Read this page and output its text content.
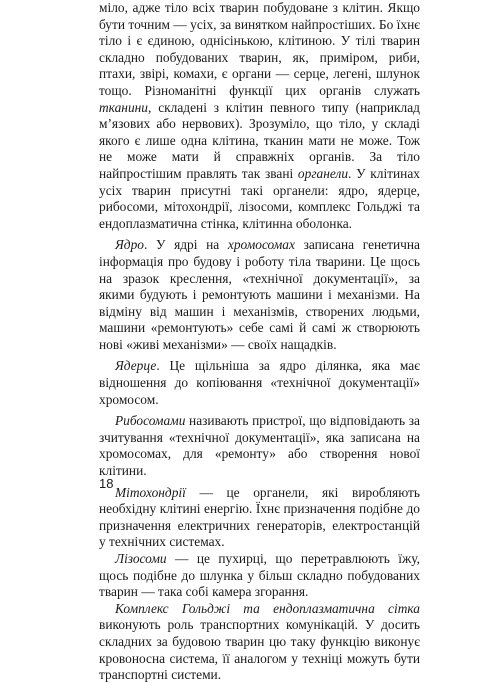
міло, адже тіло всіх тварин побудоване з клітин. Якщо бути точним — усіх, за винятком найпростіших. Бо їхнє тіло і є єдиною, однісінькою, клітиною. У тілі тварин складно побудованих тварин, як, приміром, риби, птахи, звірі, комахи, є органи — серце, легені, шлунок тощо. Різноманітні функції цих органів служать тканини, складені з клітин певного типу (наприклад м’язових або нервових). Зрозуміло, що тіло, у складі якого є лише одна клітина, тканин мати не може. Тож не може мати й справжніх органів. За тіло найпростішим правлять так звані органели. У клітинах усіх тварин присутні такі органели: ядро, ядерце, рибосоми, мітохондрії, лізосоми, комплекс Гольджі та ендоплазматична стінка, клітинна оболонка.

Ядро. У ядрі на хромосомах записана генетична інформація про будову і роботу тіла тварини. Це щось на зразок креслення, «технічної документації», за якими будують і ремонтують машини і механізми. На відміну від машин і механізмів, створених людьми, машини «ремонтують» себе самі й самі ж створюють нові «живі механізми» — своїх нащадків.

Ядерце. Це щільніша за ядро ділянка, яка має відношення до копіювання «технічної документації» хромосом.

Рибосомами називають пристрої, що відповідають за зчитування «технічної документації», яка записана на хромосомах, для «ремонту» або створення нової клітини.

Мітохондрії — це органели, які виробляють необхідну клітині енергію. Їхнє призначення подібне до призначення електричних генераторів, електростанцій у технічних системах.

Лізосоми — це пухирці, що перетравлюють їжу, щось подібне до шлунка у більш складно побудованих тварин — така собі камера згорання.

Комплекс Гольджі та ендоплазматична сітка виконують роль транспортних комунікацій. У досить складних за будовою тварин цю таку функцію виконує кровоносна система, її аналогом у техніці можуть бути транспортні системи.

18
